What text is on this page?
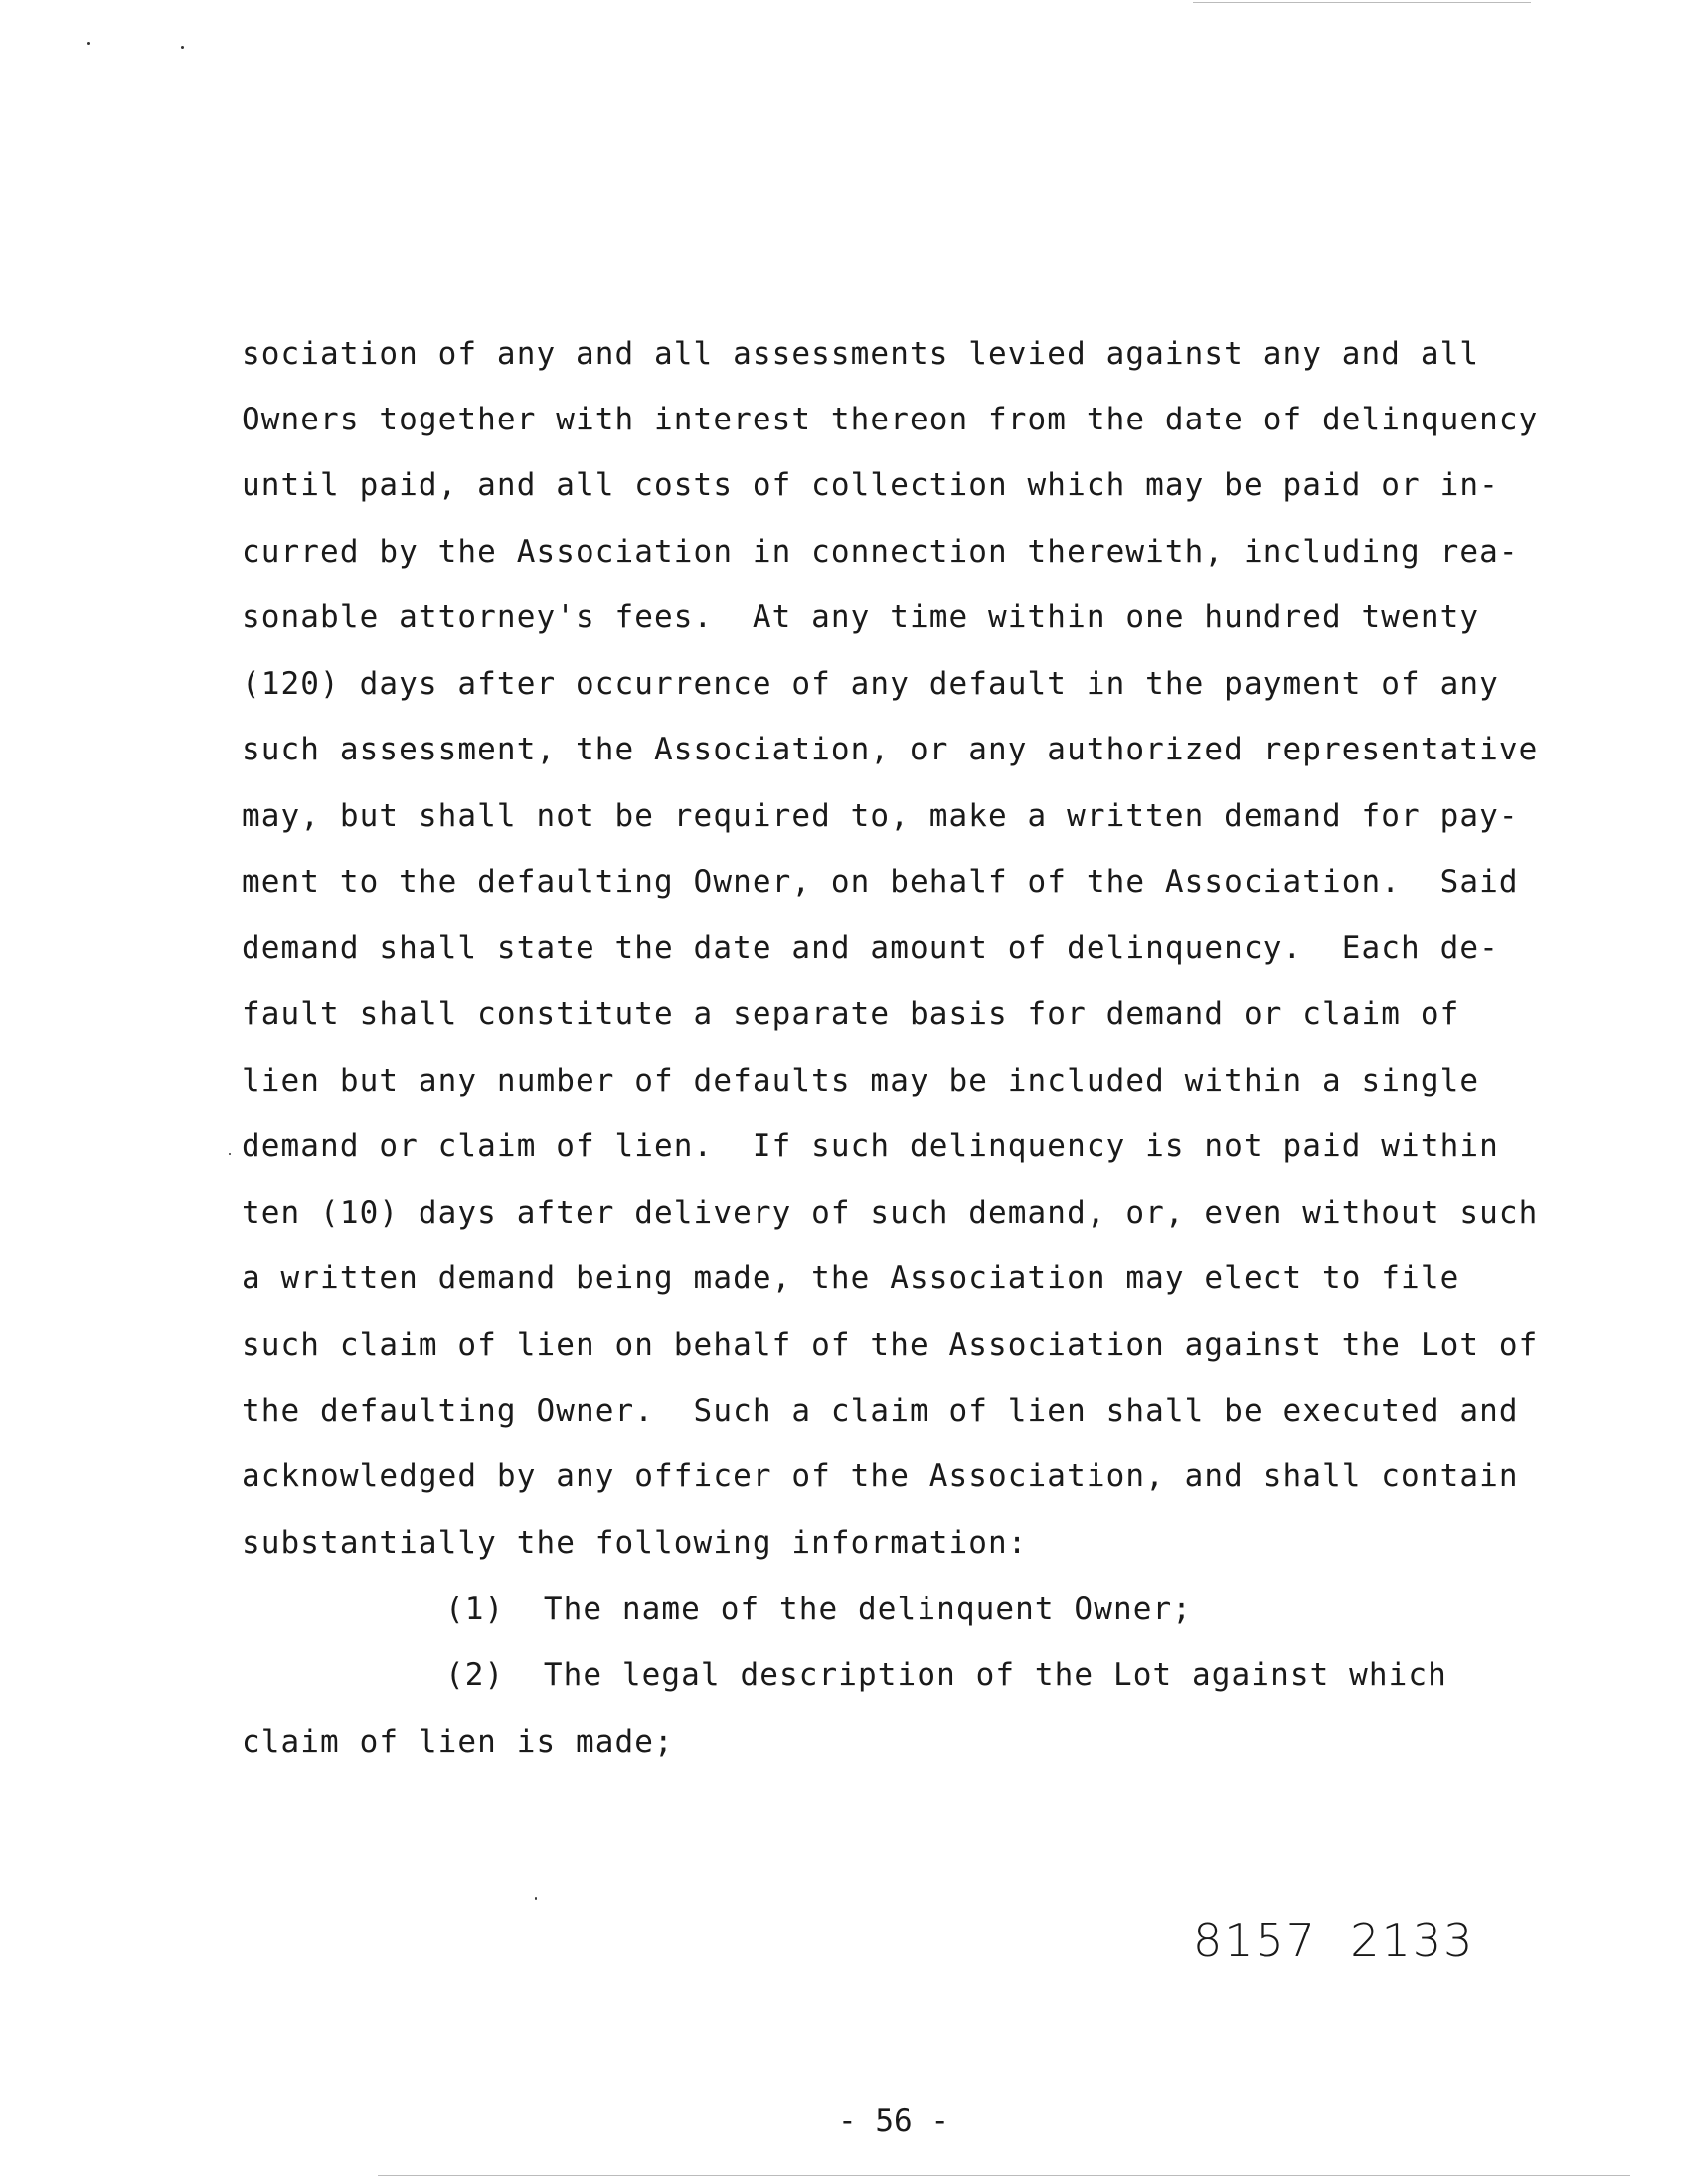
sociation of any and all assessments levied against any and all
Owners together with interest thereon from the date of delinquency
until paid, and all costs of collection which may be paid or in-
curred by the Association in connection therewith, including rea-
sonable attorney's fees.  At any time within one hundred twenty
(120) days after occurrence of any default in the payment of any
such assessment, the Association, or any authorized representative
may, but shall not be required to, make a written demand for pay-
ment to the defaulting Owner, on behalf of the Association.  Said
demand shall state the date and amount of delinquency.  Each de-
fault shall constitute a separate basis for demand or claim of
lien but any number of defaults may be included within a single
demand or claim of lien.  If such delinquency is not paid within
ten (10) days after delivery of such demand, or, even without such
a written demand being made, the Association may elect to file
such claim of lien on behalf of the Association against the Lot of
the defaulting Owner.  Such a claim of lien shall be executed and
acknowledged by any officer of the Association, and shall contain
substantially the following information:
(1)  The name of the delinquent Owner;
(2)  The legal description of the Lot against which
claim of lien is made;
8157  2133
- 56 -
